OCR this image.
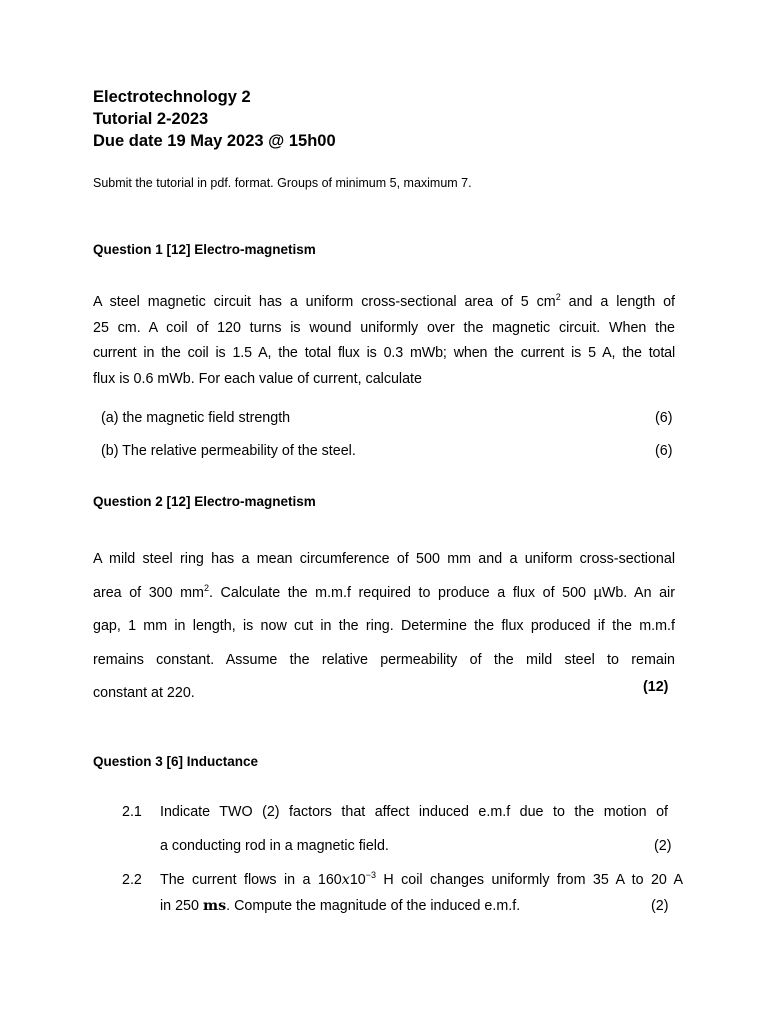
Electrotechnology 2
Tutorial 2-2023
Due date 19 May 2023 @ 15h00
Submit the tutorial in pdf. format. Groups of minimum 5, maximum 7.
Question 1 [12] Electro-magnetism
A steel magnetic circuit has a uniform cross-sectional area of 5 $cm^2$ and a length of
25 cm. A coil of 120 turns is wound uniformly over the magnetic circuit. When the
current in the coil is 1.5 A, the total flux is 0.3 mWb; when the current is 5 A, the total
flux is 0.6 mWb. For each value of current, calculate
(a) the magnetic field strength	(6)
(b) The relative permeability of the steel.	(6)
Question 2 [12] Electro-magnetism
A mild steel ring has a mean circumference of 500 mm and a uniform cross-sectional
area of 300 $mm^2$. Calculate the m.m.f required to produce a flux of 500 µWb. An air
gap, 1 mm in length, is now cut in the ring. Determine the flux produced if the m.m.f
remains constant. Assume the relative permeability of the mild steel to remain
constant at 220.	(12)
Question 3 [6] Inductance
2.1 Indicate TWO (2) factors that affect induced e.m.f due to the motion of
a conducting rod in a magnetic field.	(2)
2.2 The current flows in a $160x10^{-3}$ H coil changes uniformly from 35 A to 20 A
in 250 ms. Compute the magnitude of the induced e.m.f.	(2)
